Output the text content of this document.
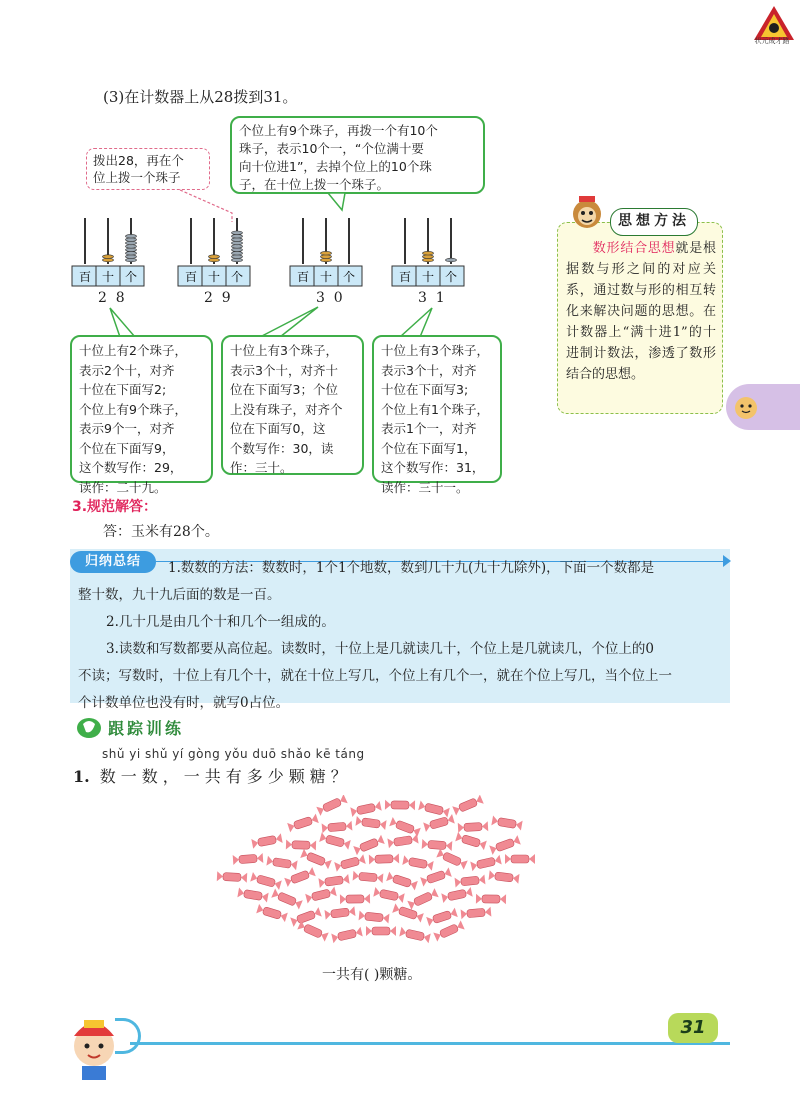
状元成才路
(3)在计数器上从28拨到31。
个位上有9个珠子，再拨一个有10个
珠子，表示10个一，“个位满十要
向十位进1”，去掉个位上的10个珠
子，在十位上拨一个珠子。
拨出28，再在个
位上拨一个珠子
百 十 个
2  8
百 十 个
2  9
百 十 个
3  0
百 十 个
3  1
思想方法
数形结合思想就是根据数与形之间的对应关系，通过数与形的相互转化来解决问题的思想。在计数器上“满十进1”的十进制计数法，渗透了数形结合的思想。
3.规范解答：
答：玉米有28个。

1.数数的方法：数数时，1个1个地数，数到几十九(九十九除外)，下面一个数都是

整十数，九十九后面的数是一百。

2.几十几是由几个十和几个一组成的。

3.读数和写数都要从高位起。读数时，十位上是几就读几十，个位上是几就读几，个位上的0

不读；写数时，十位上有几个十，就在十位上写几，个位上有几个一，就在个位上写几，当个位上一

个计数单位也没有时，就写0占位。

归纳总结
跟踪训练
shǔ yi shǔ yí gòng yǒu duō shǎo kē táng
1. 数一数，一共有多少颗糖？
一共有( )颗糖。
31
十位上有2个珠子，
表示2个十，对齐
十位在下面写2;
个位上有9个珠子，
表示9个一，对齐
个位在下面写9，
这个数写作：29，
读作：二十九。
十位上有3个珠子，
表示3个十，对齐十
位在下面写3；个位
上没有珠子，对齐个
位在下面写0，这
个数写作：30，读
作：三十。
十位上有3个珠子，
表示3个十，对齐
十位在下面写3;
个位上有1个珠子，
表示1个一，对齐
个位在下面写1，
这个数写作：31，
读作：三十一。
